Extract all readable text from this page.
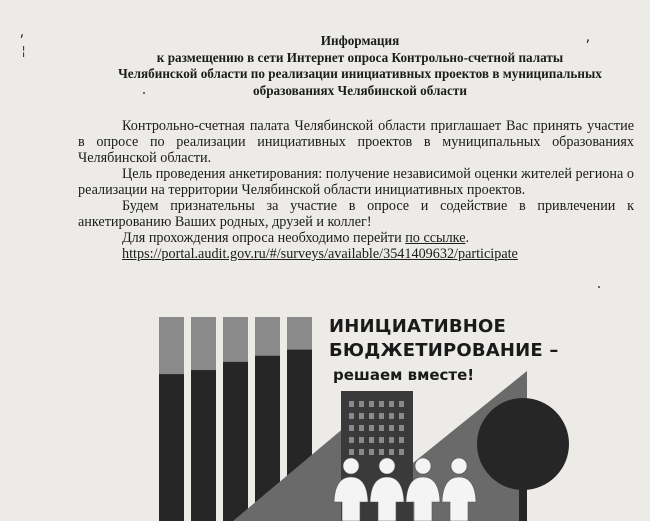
ʼ
¦	ʼ
Информация
к размещению в сети Интернет опроса Контрольно-счетной палаты
Челябинской области по реализации инициативных проектов в муниципальных
образованиях Челябинской области

Контрольно-счетная палата Челябинской области приглашает Вас принять участие в опросе по реализации инициативных проектов в муниципальных образованиях Челябинской области.

Цель проведения анкетирования: получение независимой оценки жителей региона о реализации на территории Челябинской области инициативных проектов.

Будем признательны за участие в опросе и содействие в привлечении к анкетированию Ваших родных, друзей и коллег!

Для прохождения опроса необходимо перейти по ссылке.
https://portal.audit.gov.ru/#/surveys/available/3541409632/participate
ИНИЦИАТИВНОЕ
БЮДЖЕТИРОВАНИЕ –
решаем вместе!
